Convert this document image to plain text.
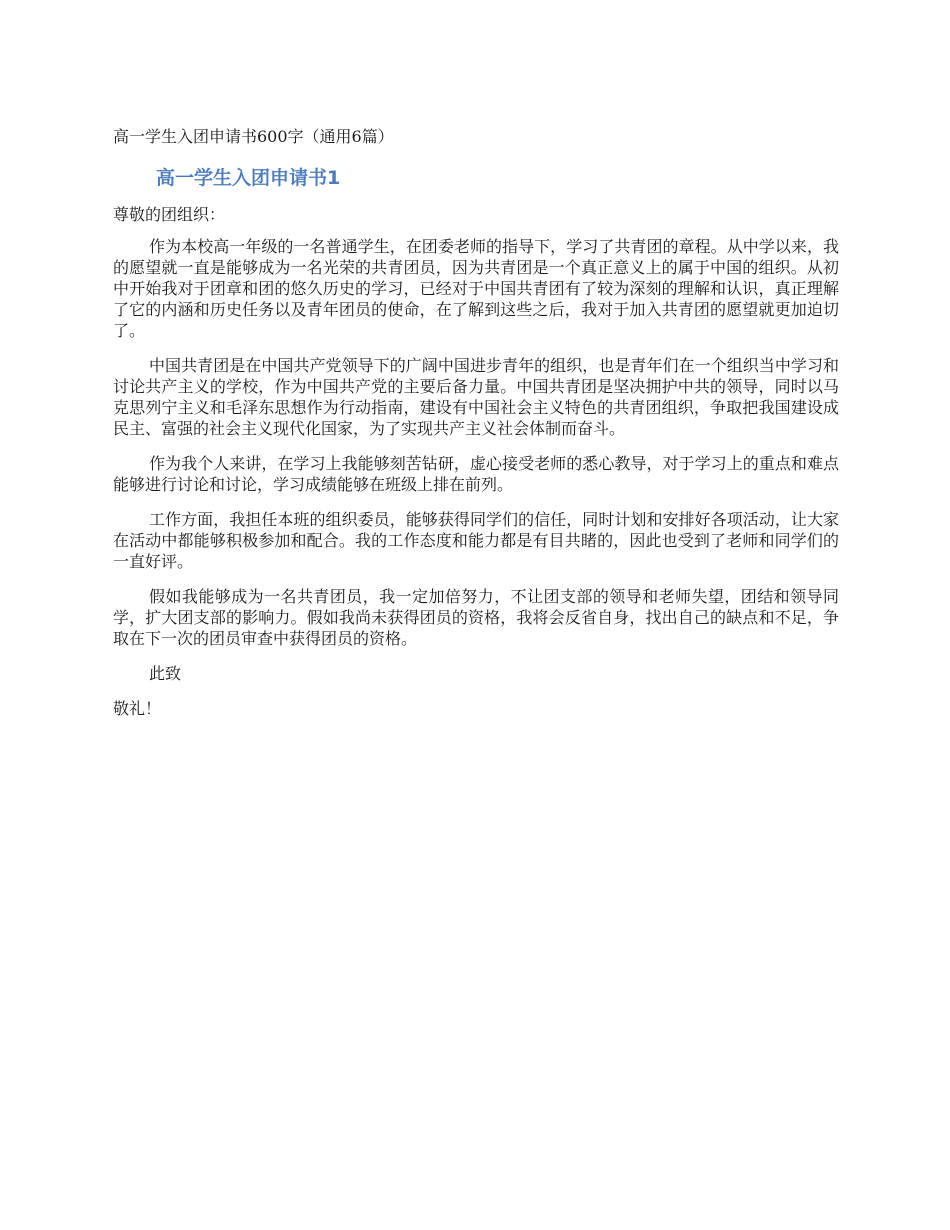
高一学生入团申请书600字（通用6篇）
高一学生入团申请书1

尊敬的团组织：

作为本校高一年级的一名普通学生，在团委老师的指导下，学习了共青团的章程。从中学以来，我的愿望就一直是能够成为一名光荣的共青团员，因为共青团是一个真正意义上的属于中国的组织。从初中开始我对于团章和团的悠久历史的学习，已经对于中国共青团有了较为深刻的理解和认识，真正理解了它的内涵和历史任务以及青年团员的使命，在了解到这些之后，我对于加入共青团的愿望就更加迫切了。

中国共青团是在中国共产党领导下的广阔中国进步青年的组织，也是青年们在一个组织当中学习和讨论共产主义的学校，作为中国共产党的主要后备力量。中国共青团是坚决拥护中共的领导，同时以马克思列宁主义和毛泽东思想作为行动指南，建设有中国社会主义特色的共青团组织，争取把我国建设成民主、富强的社会主义现代化国家，为了实现共产主义社会体制而奋斗。

作为我个人来讲，在学习上我能够刻苦钻研，虚心接受老师的悉心教导，对于学习上的重点和难点能够进行讨论和讨论，学习成绩能够在班级上排在前列。

工作方面，我担任本班的组织委员，能够获得同学们的信任，同时计划和安排好各项活动，让大家在活动中都能够积极参加和配合。我的工作态度和能力都是有目共睹的，因此也受到了老师和同学们的一直好评。

假如我能够成为一名共青团员，我一定加倍努力，不让团支部的领导和老师失望，团结和领导同学，扩大团支部的影响力。假如我尚未获得团员的资格，我将会反省自身，找出自己的缺点和不足，争取在下一次的团员审查中获得团员的资格。

此致

敬礼！
